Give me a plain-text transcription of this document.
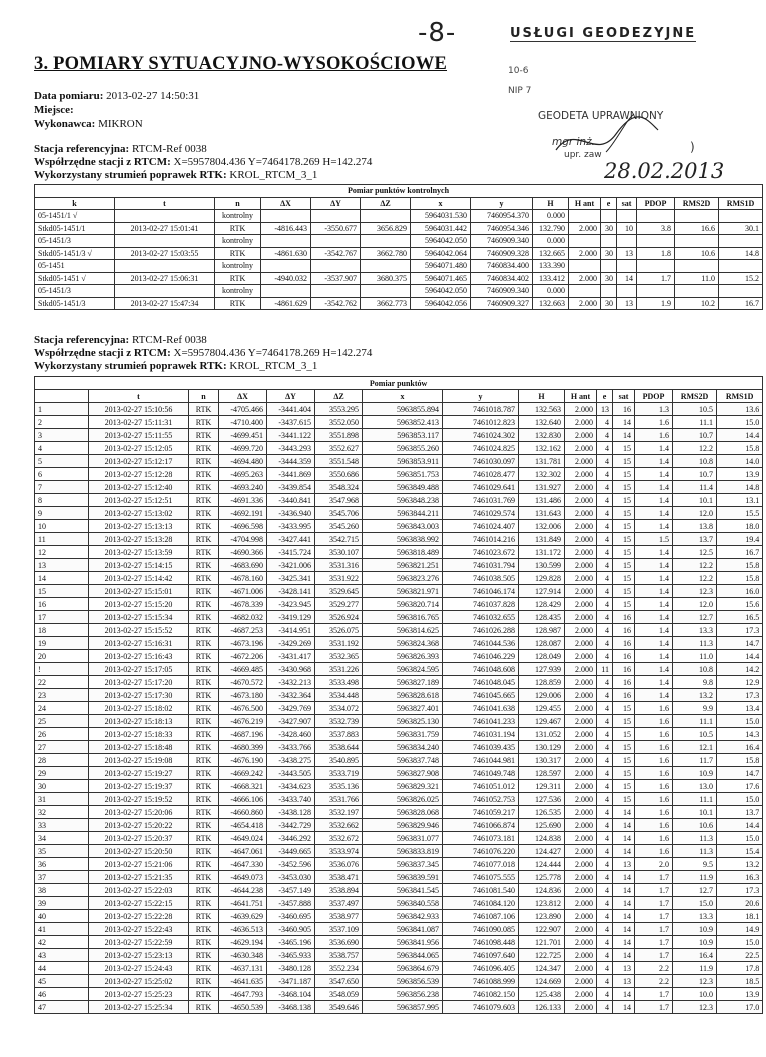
-8-	USŁUGI GEODEZYJNE
10-6
NIP 7
GEODETA UPRAWNIONY
mgr inż.
upr. zaw
)
28.02.2013
3. POMIARY SYTUACYJNO-WYSOKOŚCIOWE
Data pomiaru: 2013-02-27 14:50:31
Miejsce:
Wykonawca: MIKRON
Stacja referencyjna: RTCM-Ref 0038
Współrzędne stacji z RTCM: X=5957804.436 Y=7464178.269 H=142.274
Wykorzystany strumień poprawek RTK: KROL_RTCM_3_1
Pomiar punktów kontrolnych														
k	t	n	ΔX	ΔY	ΔZ	x	y	H	H ant	e	sat	PDOP	RMS2D	RMS1D
05-1451/1 √		kontrolny				5964031.530	7460954.370	0.000						
Stkd05-1451/1	2013-02-27 15:01:41	RTK	-4816.443	-3550.677	3656.829	5964031.442	7460954.346	132.790	2.000	30	10	3.8	16.6	30.1
05-1451/3		kontrolny				5964042.050	7460909.340	0.000						
Stkd05-1451/3 √	2013-02-27 15:03:55	RTK	-4861.630	-3542.767	3662.780	5964042.064	7460909.328	132.665	2.000	30	13	1.8	10.6	14.8
05-1451		kontrolny				5964071.480	7460834.400	133.390						
Stkd05-1451 √	2013-02-27 15:06:31	RTK	-4940.032	-3537.907	3680.375	5964071.465	7460834.402	133.412	2.000	30	14	1.7	11.0	15.2
05-1451/3		kontrolny				5964042.050	7460909.340	0.000						
Stkd05-1451/3	2013-02-27 15:47:34	RTK	-4861.629	-3542.762	3662.773	5964042.056	7460909.327	132.663	2.000	30	13	1.9	10.2	16.7
Stacja referencyjna: RTCM-Ref 0038
Współrzędne stacji z RTCM: X=5957804.436 Y=7464178.269 H=142.274
Wykorzystany strumień poprawek RTK: KROL_RTCM_3_1
Pomiar punktów														
	t	n	ΔX	ΔY	ΔZ	x	y	H	H ant	e	sat	PDOP	RMS2D	RMS1D
1	2013-02-27 15:10:56	RTK	-4705.466	-3441.404	3553.295	5963855.894	7461018.787	132.563	2.000	13	16	1.3	10.5	13.6
2	2013-02-27 15:11:31	RTK	-4710.400	-3437.615	3552.050	5963852.413	7461012.823	132.640	2.000	4	14	1.6	11.1	15.0
3	2013-02-27 15:11:55	RTK	-4699.451	-3441.122	3551.898	5963853.117	7461024.302	132.830	2.000	4	14	1.6	10.7	14.4
4	2013-02-27 15:12:05	RTK	-4699.720	-3443.293	3552.627	5963855.260	7461024.825	132.162	2.000	4	15	1.4	12.2	15.8
5	2013-02-27 15:12:17	RTK	-4694.480	-3444.359	3551.548	5963853.911	7461030.097	131.781	2.000	4	15	1.4	10.8	14.0
6	2013-02-27 15:12:28	RTK	-4695.263	-3441.869	3550.686	5963851.753	7461028.477	132.302	2.000	4	15	1.4	10.7	13.9
7	2013-02-27 15:12:40	RTK	-4693.240	-3439.854	3548.324	5963849.488	7461029.641	131.927	2.000	4	15	1.4	11.4	14.8
8	2013-02-27 15:12:51	RTK	-4691.336	-3440.841	3547.968	5963848.238	7461031.769	131.486	2.000	4	15	1.4	10.1	13.1
9	2013-02-27 15:13:02	RTK	-4692.191	-3436.940	3545.706	5963844.211	7461029.574	131.643	2.000	4	15	1.4	12.0	15.5
10	2013-02-27 15:13:13	RTK	-4696.598	-3433.995	3545.260	5963843.003	7461024.407	132.006	2.000	4	15	1.4	13.8	18.0
11	2013-02-27 15:13:28	RTK	-4704.998	-3427.441	3542.715	5963838.992	7461014.216	131.849	2.000	4	15	1.5	13.7	19.4
12	2013-02-27 15:13:59	RTK	-4690.366	-3415.724	3530.107	5963818.489	7461023.672	131.172	2.000	4	15	1.4	12.5	16.7
13	2013-02-27 15:14:15	RTK	-4683.690	-3421.006	3531.316	5963821.251	7461031.794	130.599	2.000	4	15	1.4	12.2	15.8
14	2013-02-27 15:14:42	RTK	-4678.160	-3425.341	3531.922	5963823.276	7461038.505	129.828	2.000	4	15	1.4	12.2	15.8
15	2013-02-27 15:15:01	RTK	-4671.006	-3428.141	3529.645	5963821.971	7461046.174	127.914	2.000	4	15	1.4	12.3	16.0
16	2013-02-27 15:15:20	RTK	-4678.339	-3423.945	3529.277	5963820.714	7461037.828	128.429	2.000	4	15	1.4	12.0	15.6
17	2013-02-27 15:15:34	RTK	-4682.032	-3419.129	3526.924	5963816.765	7461032.655	128.435	2.000	4	16	1.4	12.7	16.5
18	2013-02-27 15:15:52	RTK	-4687.253	-3414.951	3526.075	5963814.625	7461026.288	128.987	2.000	4	16	1.4	13.3	17.3
19	2013-02-27 15:16:31	RTK	-4673.196	-3429.269	3531.192	5963824.368	7461044.536	128.087	2.000	4	16	1.4	11.3	14.7
20	2013-02-27 15:16:43	RTK	-4672.206	-3431.417	3532.365	5963826.393	7461046.229	128.049	2.000	4	16	1.4	11.0	14.4
!	2013-02-27 15:17:05	RTK	-4669.485	-3430.968	3531.226	5963824.595	7461048.608	127.939	2.000	11	16	1.4	10.8	14.2
22	2013-02-27 15:17:20	RTK	-4670.572	-3432.213	3533.498	5963827.189	7461048.045	128.859	2.000	4	16	1.4	9.8	12.9
23	2013-02-27 15:17:30	RTK	-4673.180	-3432.364	3534.448	5963828.618	7461045.665	129.006	2.000	4	16	1.4	13.2	17.3
24	2013-02-27 15:18:02	RTK	-4676.500	-3429.769	3534.072	5963827.401	7461041.638	129.455	2.000	4	15	1.6	9.9	13.4
25	2013-02-27 15:18:13	RTK	-4676.219	-3427.907	3532.739	5963825.130	7461041.233	129.467	2.000	4	15	1.6	11.1	15.0
26	2013-02-27 15:18:33	RTK	-4687.196	-3428.460	3537.883	5963831.759	7461031.194	131.052	2.000	4	15	1.6	10.5	14.3
27	2013-02-27 15:18:48	RTK	-4680.399	-3433.766	3538.644	5963834.240	7461039.435	130.129	2.000	4	15	1.6	12.1	16.4
28	2013-02-27 15:19:08	RTK	-4676.190	-3438.275	3540.895	5963837.748	7461044.981	130.317	2.000	4	15	1.6	11.7	15.8
29	2013-02-27 15:19:27	RTK	-4669.242	-3443.505	3533.719	5963827.908	7461049.748	128.597	2.000	4	15	1.6	10.9	14.7
30	2013-02-27 15:19:37	RTK	-4668.321	-3434.623	3535.136	5963829.321	7461051.012	129.311	2.000	4	15	1.6	13.0	17.6
31	2013-02-27 15:19:52	RTK	-4666.106	-3433.740	3531.766	5963826.025	7461052.753	127.536	2.000	4	15	1.6	11.1	15.0
32	2013-02-27 15:20:06	RTK	-4660.860	-3438.128	3532.197	5963828.068	7461059.217	126.535	2.000	4	14	1.6	10.1	13.7
33	2013-02-27 15:20:22	RTK	-4654.418	-3442.729	3532.662	5963829.946	7461066.874	125.690	2.000	4	14	1.6	10.6	14.4
34	2013-02-27 15:20:37	RTK	-4649.024	-3446.292	3532.672	5963831.077	7461073.181	124.838	2.000	4	14	1.6	11.3	15.0
35	2013-02-27 15:20:50	RTK	-4647.061	-3449.665	3533.974	5963833.819	7461076.220	124.427	2.000	4	14	1.6	11.3	15.4
36	2013-02-27 15:21:06	RTK	-4647.330	-3452.596	3536.076	5963837.345	7461077.018	124.444	2.000	4	13	2.0	9.5	13.2
37	2013-02-27 15:21:35	RTK	-4649.073	-3453.030	3538.471	5963839.591	7461075.555	125.778	2.000	4	14	1.7	11.9	16.3
38	2013-02-27 15:22:03	RTK	-4644.238	-3457.149	3538.894	5963841.545	7461081.540	124.836	2.000	4	14	1.7	12.7	17.3
39	2013-02-27 15:22:15	RTK	-4641.751	-3457.888	3537.497	5963840.558	7461084.120	123.812	2.000	4	14	1.7	15.0	20.6
40	2013-02-27 15:22:28	RTK	-4639.629	-3460.695	3538.977	5963842.933	7461087.106	123.890	2.000	4	14	1.7	13.3	18.1
41	2013-02-27 15:22:43	RTK	-4636.513	-3460.905	3537.109	5963841.087	7461090.085	122.907	2.000	4	14	1.7	10.9	14.9
42	2013-02-27 15:22:59	RTK	-4629.194	-3465.196	3536.690	5963841.956	7461098.448	121.701	2.000	4	14	1.7	10.9	15.0
43	2013-02-27 15:23:13	RTK	-4630.348	-3465.933	3538.757	5963844.065	7461097.640	122.725	2.000	4	14	1.7	16.4	22.5
44	2013-02-27 15:24:43	RTK	-4637.131	-3480.128	3552.234	5963864.679	7461096.405	124.347	2.000	4	13	2.2	11.9	17.8
45	2013-02-27 15:25:02	RTK	-4641.635	-3471.187	3547.650	5963856.539	7461088.999	124.669	2.000	4	13	2.2	12.3	18.5
46	2013-02-27 15:25:23	RTK	-4647.793	-3468.104	3548.059	5963856.238	7461082.150	125.438	2.000	4	14	1.7	10.0	13.9
47	2013-02-27 15:25:34	RTK	-4650.539	-3468.138	3549.646	5963857.995	7461079.603	126.133	2.000	4	14	1.7	12.3	17.0
